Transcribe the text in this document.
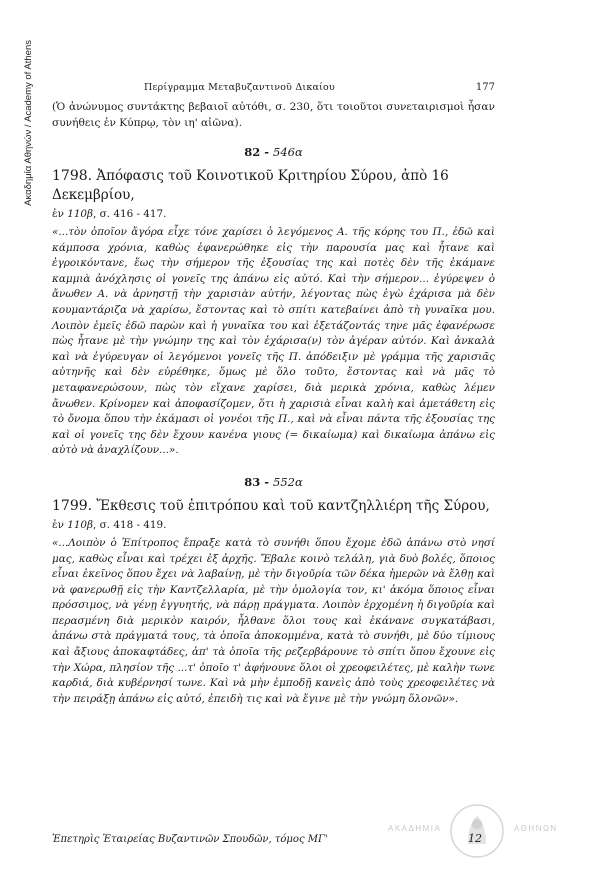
Ακαδημία Αθηνών / Academy of Athens	Περίγραμμα Μεταβυζαντινοῦ Δικαίου	177

(Ὁ ἀνώνυμος συντάκτης βεβαιοῖ αὐτόθι, σ. 230, ὅτι τοιοῦτοι συνεταιρισμοὶ ἦσαν συνήθεις ἐν Κύπρῳ, τὸν ιη' αἰῶνα).

82 - 546α

1798. Ἀπόφασις τοῦ Κοινοτικοῦ Κριτηρίου Σύρου, ἀπὸ 16 Δεκεμβρίου,

ἐν 110β, σ. 416 - 417.

«...τὸν ὁποῖον ἄγόρα εἶχε τόνε χαρίσει ὁ λεγόμενος Α. τῆς κόρης του Π., ἐδῶ καὶ κάμποσα χρόνια, καθὼς ἐφανερώθηκε εἰς τὴν παρουσία μας καὶ ἦτανε καὶ ἐγροικόντανε, ἕως τὴν σήμερον τῆς ἐξουσίας της καὶ ποτὲς δὲν τῆς ἐκάμανε καμμιὰ ἀνόχλησις οἱ γονεῖς της ἀπάνω εἰς αὐτό. Καὶ τὴν σήμερον... ἐγύρεψεν ὁ ἄνωθεν Α. νὰ ἀρνηστῇ τὴν χαρισιὰν αὐτήν, λέγοντας πὼς ἐγὼ ἐχάρισα μὰ δὲν κουμαντάριζα νὰ χαρίσω, ἔστοντας καὶ τὸ σπίτι κατεβαίνει ἀπὸ τὴ γυναῖκα μου. Λοιπὸν ἐμεῖς ἐδῶ παρὼν καὶ ἡ γυναῖκα του καὶ ἐξετάζοντάς τηνε μᾶς ἐφανέρωσε πὼς ἦτανε μὲ τὴν γνώμην της καὶ τὸν ἐχάρισα(ν) τὸν ἀγέραν αὐτόν. Καὶ ἀνκαλὰ καὶ νὰ ἐγύρευγαν οἱ λεγόμενοι γονεῖς τῆς Π. ἀπόδειξιν μὲ γράμμα τῆς χαρισιᾶς αὐτηνῆς καὶ δὲν εὐρέθηκε, ὅμως μὲ ὅλο τοῦτο, ἔστοντας καὶ νὰ μᾶς τὸ μεταφανερώσουν, πὼς τὸν εἴχανε χαρίσει, διὰ μερικὰ χρόνια, καθὼς λέμεν ἄνωθεν. Κρίνομεν καὶ ἀποφασίζομεν, ὅτι ἡ χαρισιὰ εἶναι καλὴ καὶ ἀμετάθετη εἰς τὸ ὄνομα ὅπου τὴν ἐκάμασι οἱ γονέοι τῆς Π., καὶ νὰ εἶναι πάντα τῆς ἐξουσίας της καὶ οἱ γονεῖς της δὲν ἔχουν κανένα γιους (= δικαίωμα) καὶ δικαίωμα ἀπάνω εἰς αὐτὸ νὰ ἀναχλίζουν...».

83 - 552α

1799. Ἔκθεσις τοῦ ἐπιτρόπου καὶ τοῦ καντζηλλιέρη τῆς Σύρου,

ἐν 110β, σ. 418 - 419.

«...Λοιπὸν ὁ Ἐπίτροπος ἔπραξε κατὰ τὸ συνήθι ὅπου ἔχομε ἐδῶ ἀπάνω στὸ νησί μας, καθὼς εἶναι καὶ τρέχει ἐξ ἀρχῆς. Ἔβαλε κοινὸ τελάλη, γιὰ δυὸ βολές, ὅποιος εἶναι ἐκεῖνος ὅπου ἔχει νὰ λαβαίνῃ, μὲ τὴν διγοῦρία τῶν δέκα ἡμερῶν νὰ ἔλθῃ καὶ νὰ φανερωθῇ εἰς τὴν Καντζελλαρία, μὲ τὴν ὁμολογία τον, κι' ἀκόμα ὅποιος εἶναι πρόσσιμος, νὰ γένῃ ἐγγυητής, νὰ πάρῃ πράγματα. Λοιπὸν ἐρχομένη ἡ διγοῦρία καὶ περασμένη διὰ μερικὸν καιρόν, ἦλθανε ὅλοι τους καὶ ἐκάνανε συγκατάβασι, ἀπάνω στὰ πράγματά τους, τὰ ὁποῖα ἀποκομμένα, κατὰ τὸ συνήθι, μὲ δύο τίμιους καὶ ἄξιους ἀποκαφτάδες, ἀπ' τὰ ὁποῖα τῆς ρεζερβάρουνε τὸ σπίτι ὅπου ἔχουνε εἰς τὴν Χώρα, πλησίον τῆς ...τ' ὁποῖο τ' ἀφήνουνε ὅλοι οἱ χρεοφειλέτες, μὲ καλὴν τωνε καρδιά, διὰ κυβέρνησί τωνε. Καὶ νὰ μὴν ἐμποδῇ κανεὶς ἀπὸ τοὺς χρεοφειλέτες νὰ τὴν πειράξῃ ἀπάνω εἰς αὐτό, ἐπειδὴ τις καὶ νὰ ἔγινε μὲ τὴν γνώμη ὅλονῶν».

ΑΚΑΔΗΜΙΑ	ΑΘΗΝΩΝ
Ἐπετηρὶς Ἑταιρείας Βυζαντινῶν Σπουδῶν, τόμος ΜΓ'	12
